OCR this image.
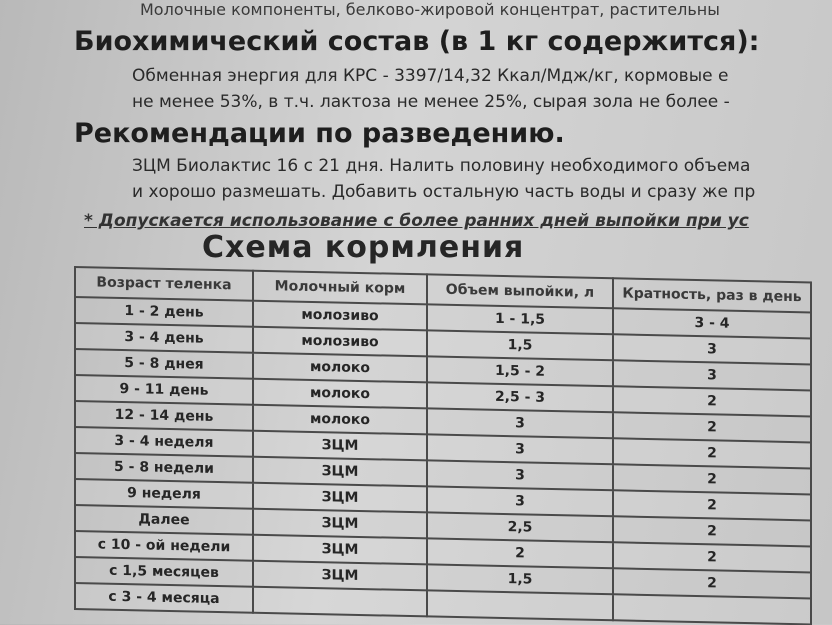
Молочные компоненты, белково-жировой концентрат, растительны
Биохимический состав (в 1 кг содержится):
Обменная энергия для КРС - 3397/14,32 Ккал/Мдж/кг, кормовые е
не менее 53%, в т.ч. лактоза не менее 25%, сырая зола не более -
Рекомендации по разведению.
ЗЦМ Биолактис 16 с 21 дня. Налить половину необходимого объема
и хорошо размешать. Добавить остальную часть воды и сразу же пр
* Допускается использование с более ранних дней выпойки при ус
Схема кормления
Возраст теленка	Молочный корм	Объем выпойки, л	Кратность, раз в день
1 - 2 день	молозиво	1 - 1,5	3 - 4
3 - 4 день	молозиво	1,5	3
5 - 8 днея	молоко	1,5 - 2	3
9 - 11 день	молоко	2,5 - 3	2
12 - 14 день	молоко	3	2
3 - 4 неделя	ЗЦМ	3	2
5 - 8 недели	ЗЦМ	3	2
9 неделя	ЗЦМ	3	2
Далее	ЗЦМ	2,5	2
с 10 - ой недели	ЗЦМ	2	2
с 1,5 месяцев	ЗЦМ	1,5	2
с 3 - 4 месяца			
